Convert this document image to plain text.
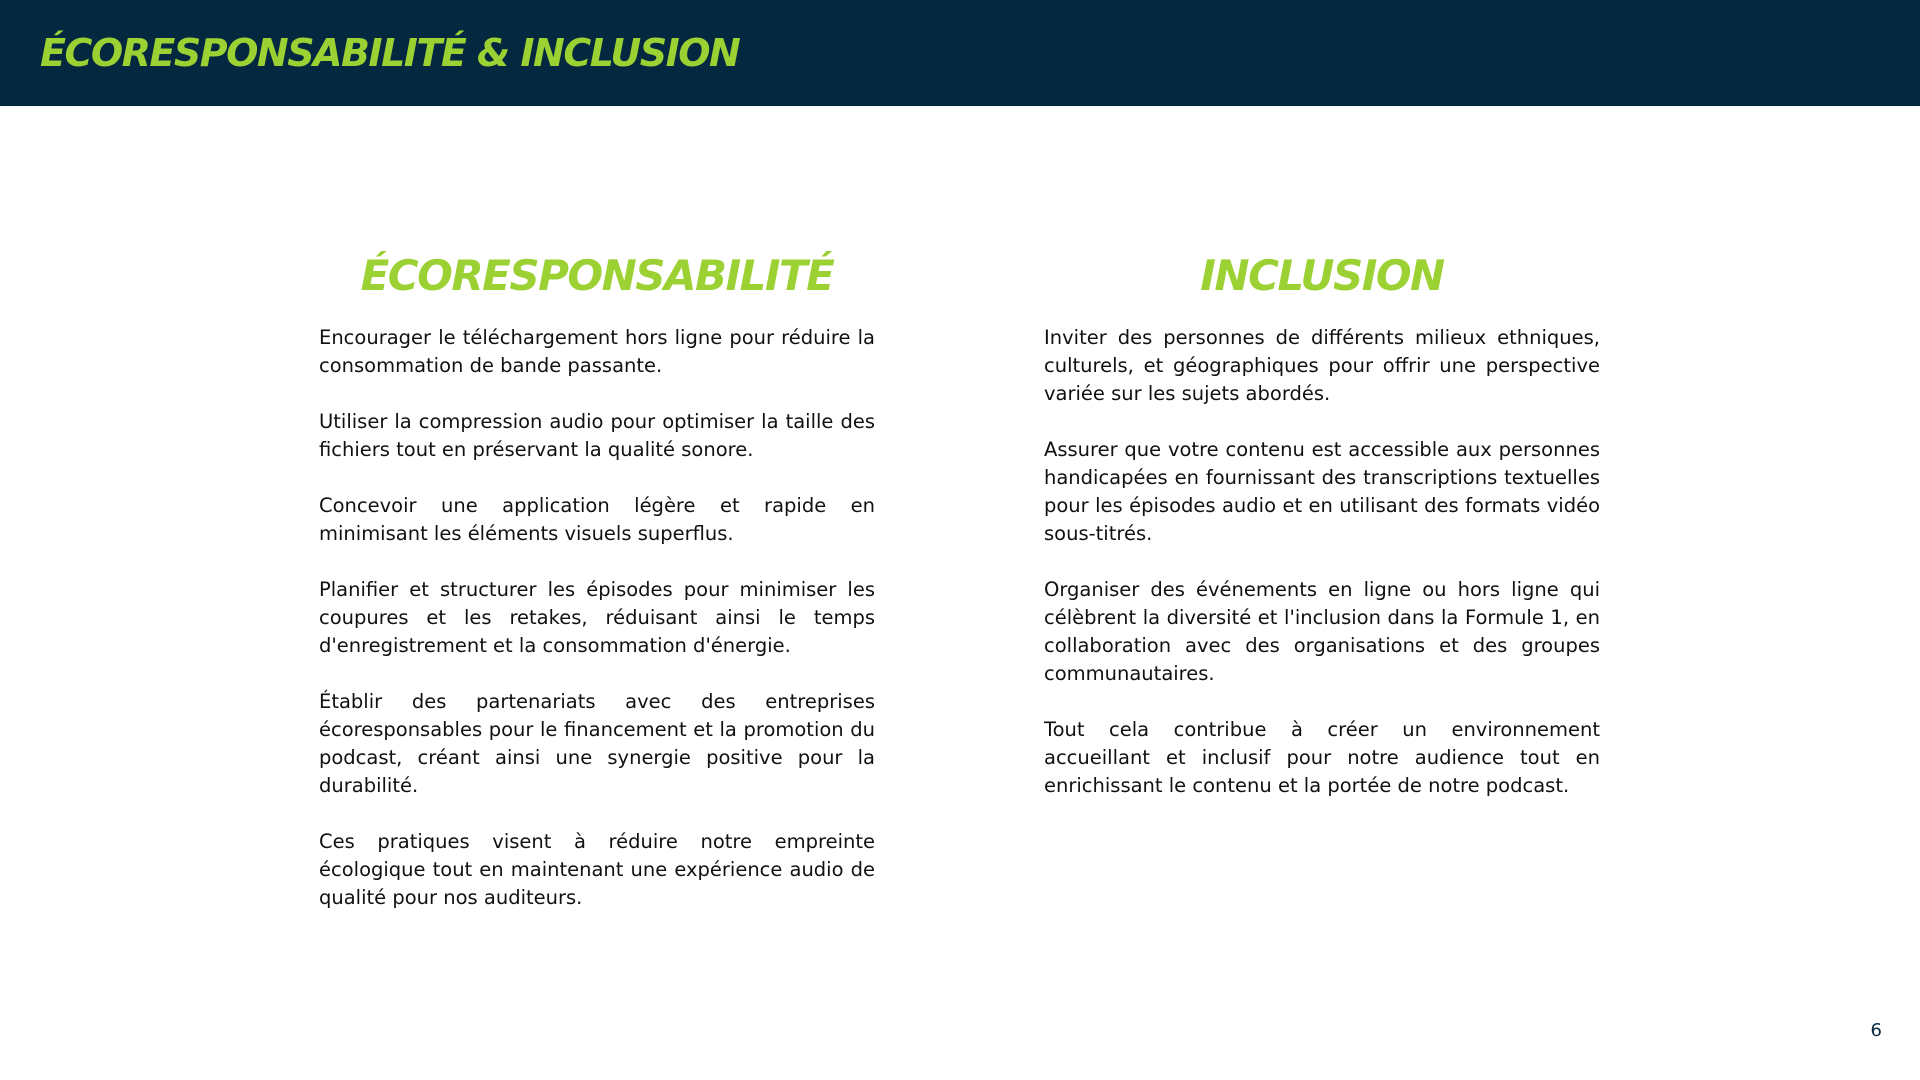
ÉCORESPONSABILITÉ & INCLUSION
ÉCORESPONSABILITÉ

Encourager le téléchargement hors ligne pour réduire la consommation de bande passante.

Utiliser la compression audio pour optimiser la taille des fichiers tout en préservant la qualité sonore.

Concevoir une application légère et rapide en minimisant les éléments visuels superflus.

Planifier et structurer les épisodes pour minimiser les coupures et les retakes, réduisant ainsi le temps d'enregistrement et la consommation d'énergie.

Établir des partenariats avec des entreprises écoresponsables pour le financement et la promotion du podcast, créant ainsi une synergie positive pour la durabilité.

Ces pratiques visent à réduire notre empreinte écologique tout en maintenant une expérience audio de qualité pour nos auditeurs.

INCLUSION

Inviter des personnes de différents milieux ethniques, culturels, et géographiques pour offrir une perspective variée sur les sujets abordés.

Assurer que votre contenu est accessible aux personnes handicapées en fournissant des transcriptions textuelles pour les épisodes audio et en utilisant des formats vidéo sous-titrés.

Organiser des événements en ligne ou hors ligne qui célèbrent la diversité et l'inclusion dans la Formule 1, en collaboration avec des organisations et des groupes communautaires.

Tout cela contribue à créer un environnement accueillant et inclusif pour notre audience tout en enrichissant le contenu et la portée de notre podcast.

6
